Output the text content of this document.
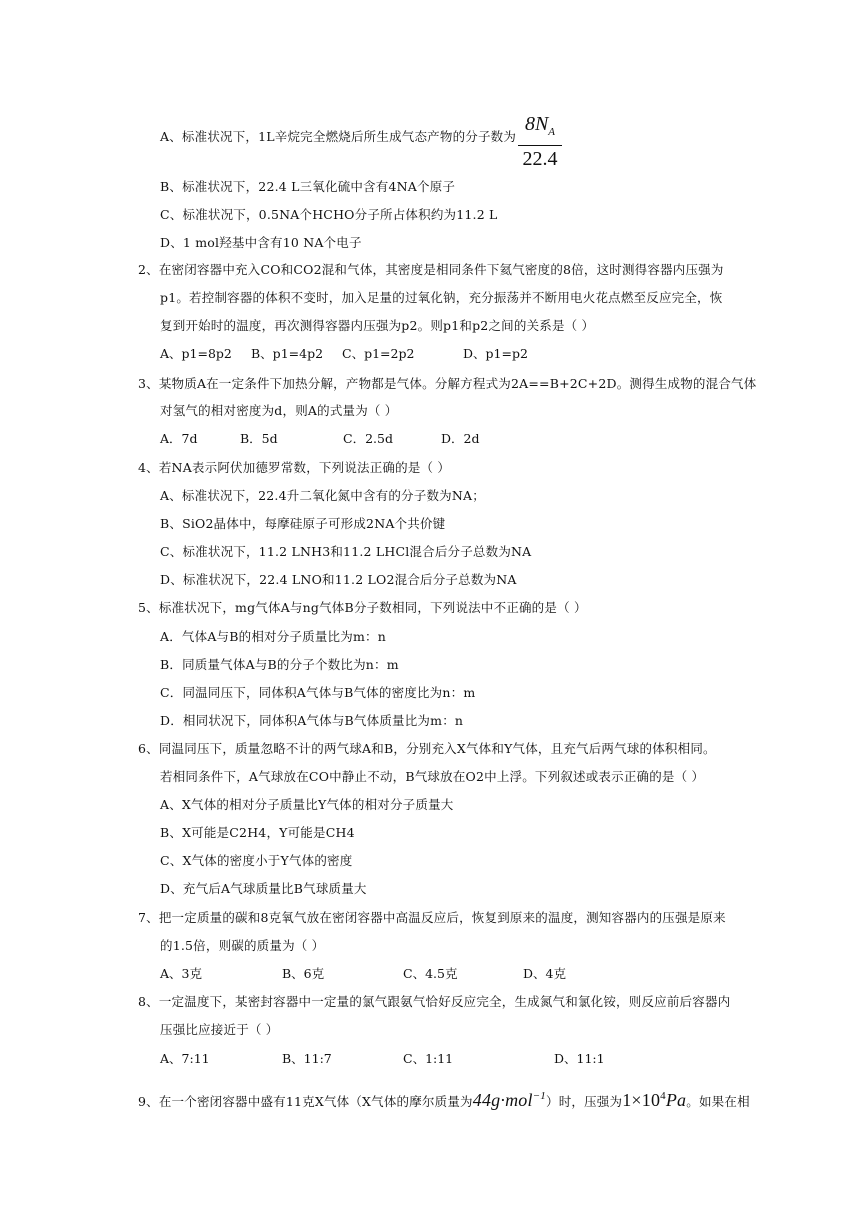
A、标准状况下，1L辛烷完全燃烧后所生成气态产物的分子数为
$8N_A$
22.4
B、标准状况下，22.4 L三氧化硫中含有4NA个原子
C、标准状况下，0.5NA个HCHO分子所占体积约为11.2 L
D、1 mol羟基中含有10 NA个电子
2、在密闭容器中充入CO和CO2混和气体，其密度是相同条件下氦气密度的8倍，这时测得容器内压强为
p1。若控制容器的体积不变时，加入足量的过氧化钠，充分振荡并不断用电火花点燃至反应完全，恢
复到开始时的温度，再次测得容器内压强为p2。则p1和p2之间的关系是（ ）
A、p1=8p2 B、p1=4p2 C、p1=2p2	D、p1=p2
3、某物质A在一定条件下加热分解，产物都是气体。分解方程式为2A==B+2C+2D。测得生成物的混合气体
对氢气的相对密度为d，则A的式量为（ ）
A．7d	B．5d	C．2.5d	D．2d
4、若NA表示阿伏加德罗常数，下列说法正确的是（ ）
A、标准状况下，22.4升二氧化氮中含有的分子数为NA；
B、SiO2晶体中，每摩硅原子可形成2NA个共价键
C、标准状况下，11.2 LNH3和11.2 LHCl混合后分子总数为NA
D、标准状况下，22.4 LNO和11.2 LO2混合后分子总数为NA
5、标准状况下，mg气体A与ng气体B分子数相同，下列说法中不正确的是（ ）
A．气体A与B的相对分子质量比为m：n
B．同质量气体A与B的分子个数比为n：m
C．同温同压下，同体积A气体与B气体的密度比为n：m
D．相同状况下，同体积A气体与B气体质量比为m：n
6、同温同压下，质量忽略不计的两气球A和B，分别充入X气体和Y气体，且充气后两气球的体积相同。
若相同条件下，A气球放在CO中静止不动，B气球放在O2中上浮。下列叙述或表示正确的是（ ）
A、X气体的相对分子质量比Y气体的相对分子质量大
B、X可能是C2H4，Y可能是CH4
C、X气体的密度小于Y气体的密度
D、充气后A气球质量比B气球质量大
7、把一定质量的碳和8克氧气放在密闭容器中高温反应后，恢复到原来的温度，测知容器内的压强是原来
的1.5倍，则碳的质量为（ ）
A、3克	B、6克	C、4.5克	D、4克
8、一定温度下，某密封容器中一定量的氯气跟氨气恰好反应完全，生成氮气和氯化铵，则反应前后容器内
压强比应接近于（ ）
A、7:11	B、11:7	C、1:11	D、11:1
9、在一个密闭容器中盛有11克X气体（X气体的摩尔质量为44g·mol$^{-1}$）时，压强为$1\times 10^4Pa$。如果在相
